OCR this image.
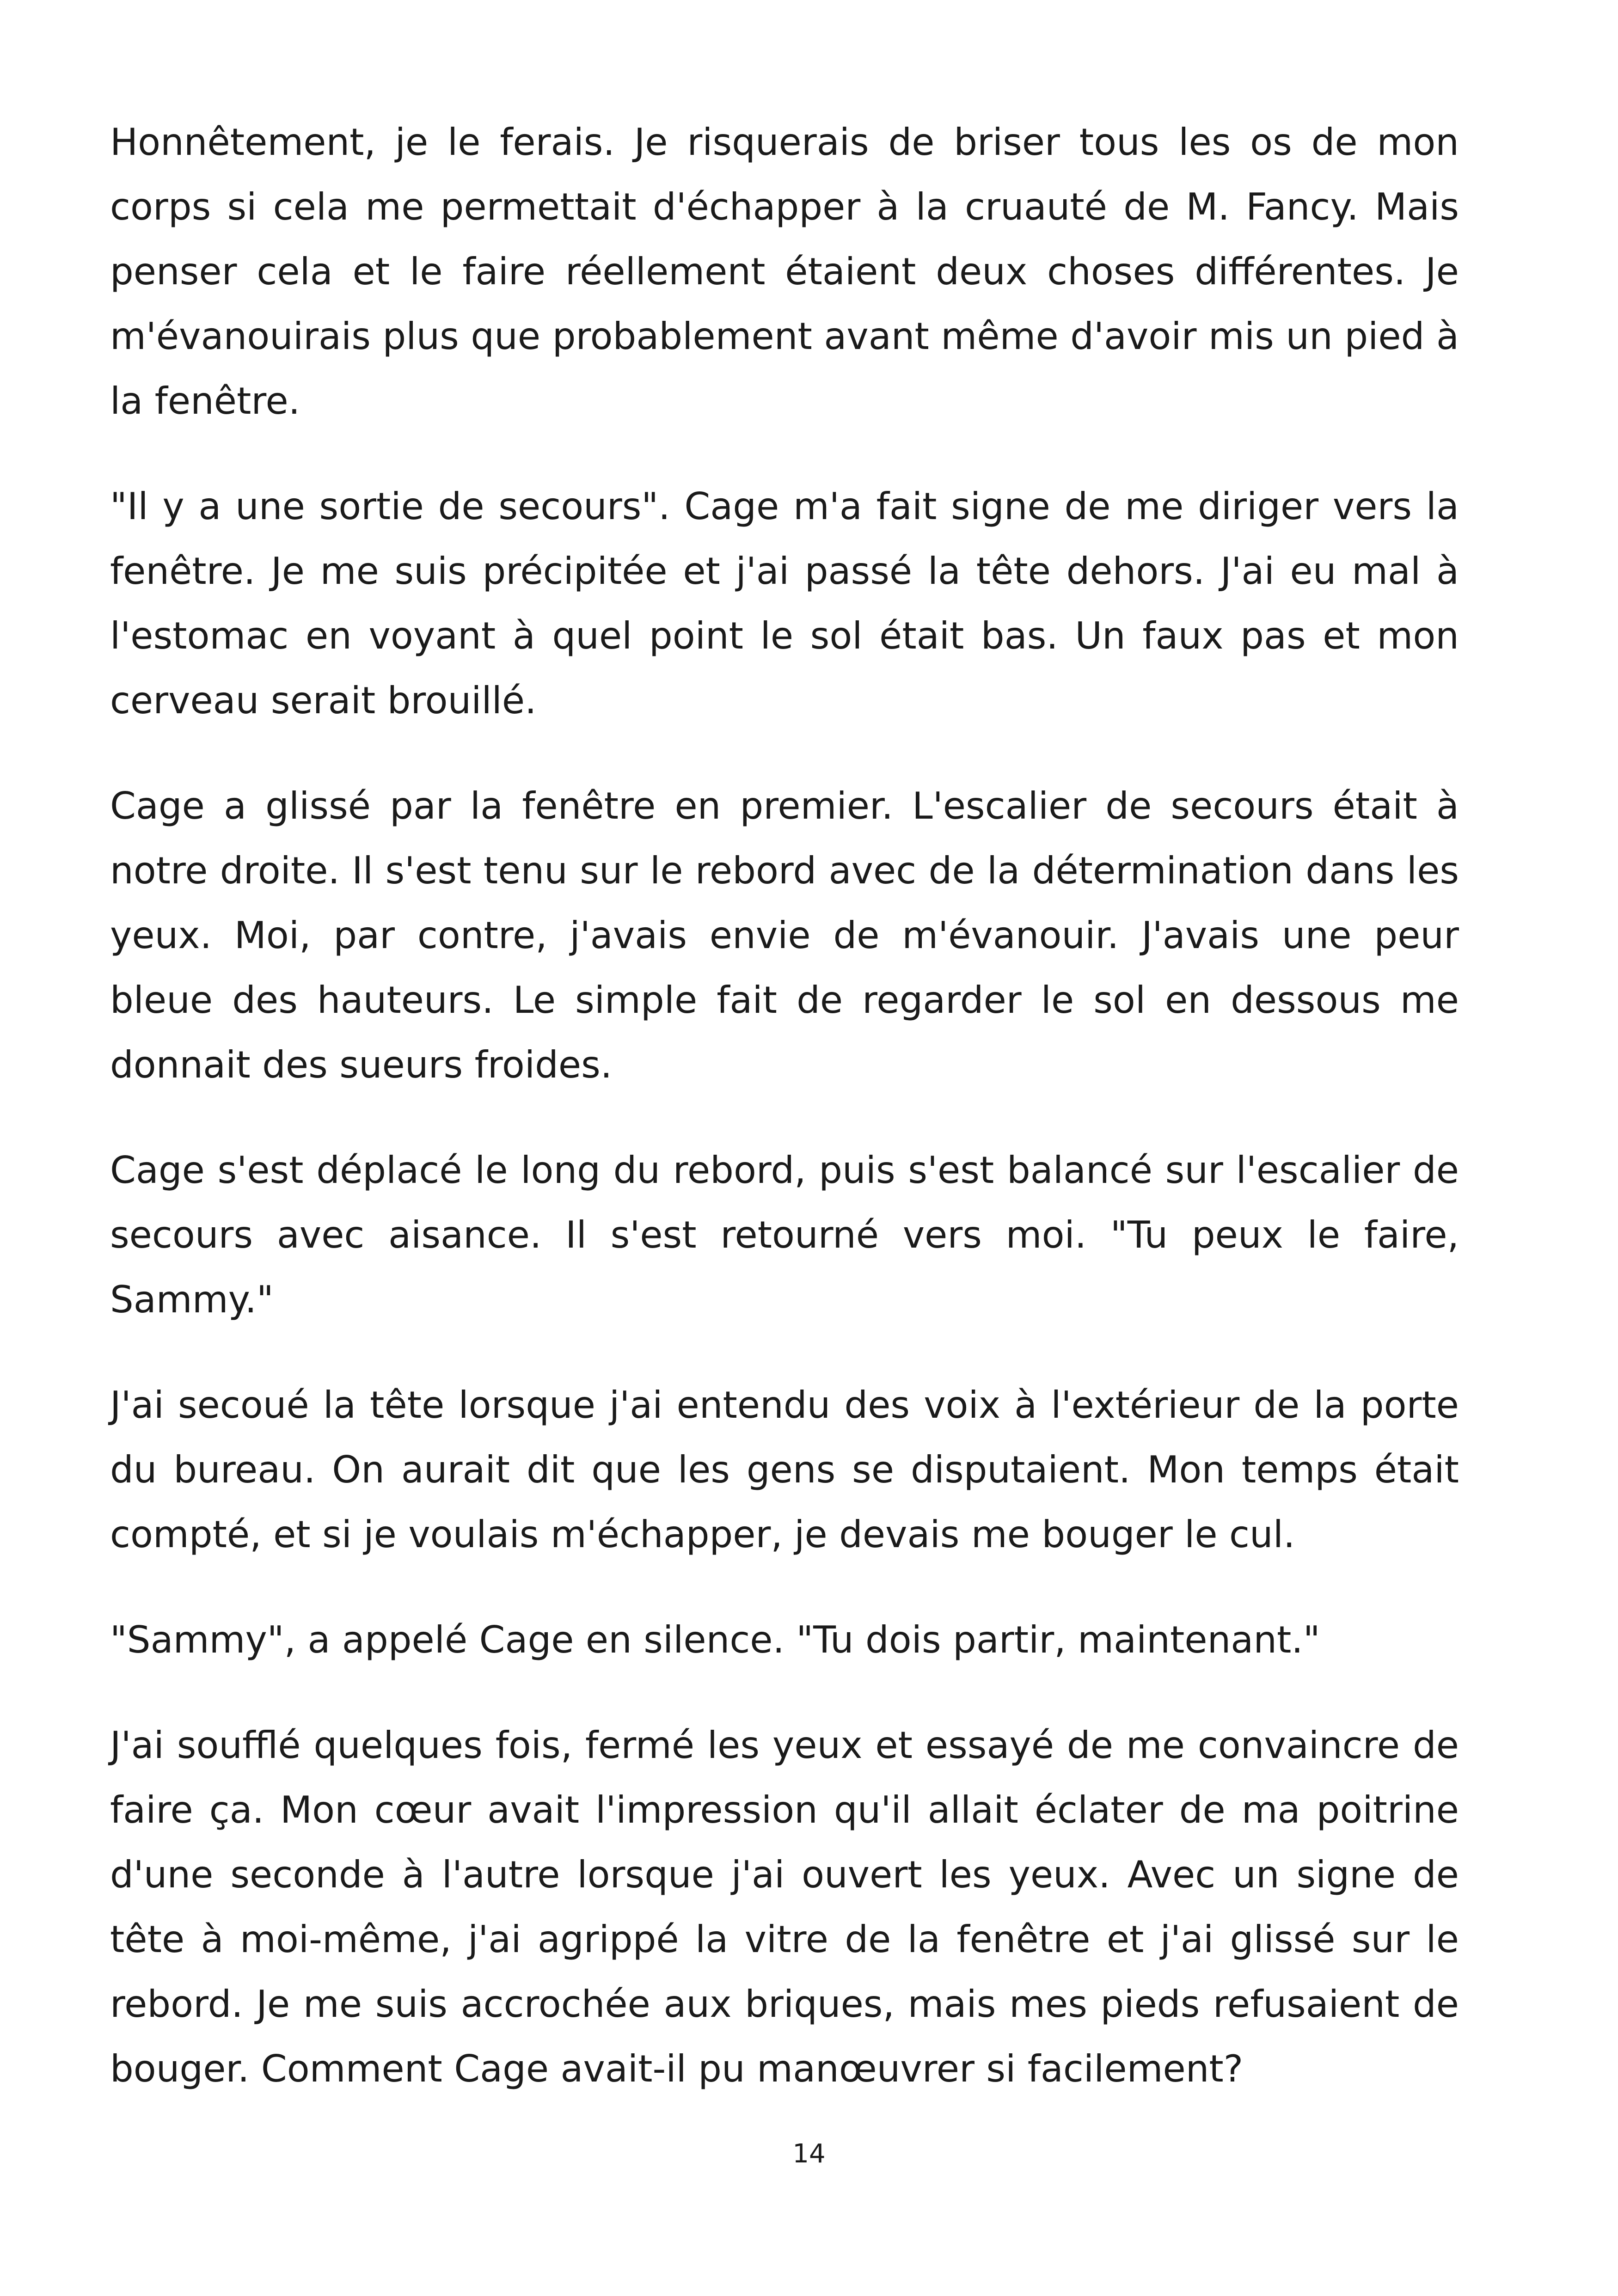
Honnêtement, je le ferais. Je risquerais de briser tous les os de mon corps si cela me permettait d'échapper à la cruauté de M. Fancy. Mais penser cela et le faire réellement étaient deux choses différentes. Je m'évanouirais plus que probablement avant même d'avoir mis un pied à la fenêtre.

"Il y a une sortie de secours". Cage m'a fait signe de me diriger vers la fenêtre. Je me suis précipitée et j'ai passé la tête dehors. J'ai eu mal à l'estomac en voyant à quel point le sol était bas. Un faux pas et mon cerveau serait brouillé.

Cage a glissé par la fenêtre en premier. L'escalier de secours était à notre droite. Il s'est tenu sur le rebord avec de la détermination dans les yeux. Moi, par contre, j'avais envie de m'évanouir. J'avais une peur bleue des hauteurs. Le simple fait de regarder le sol en dessous me donnait des sueurs froides.

Cage s'est déplacé le long du rebord, puis s'est balancé sur l'escalier de secours avec aisance. Il s'est retourné vers moi. "Tu peux le faire, Sammy."

J'ai secoué la tête lorsque j'ai entendu des voix à l'extérieur de la porte du bureau. On aurait dit que les gens se disputaient. Mon temps était compté, et si je voulais m'échapper, je devais me bouger le cul.

"Sammy", a appelé Cage en silence. "Tu dois partir, maintenant."

J'ai soufflé quelques fois, fermé les yeux et essayé de me convaincre de faire ça. Mon cœur avait l'impression qu'il allait éclater de ma poitrine d'une seconde à l'autre lorsque j'ai ouvert les yeux. Avec un signe de tête à moi-même, j'ai agrippé la vitre de la fenêtre et j'ai glissé sur le rebord. Je me suis accrochée aux briques, mais mes pieds refusaient de bouger. Comment Cage avait-il pu manœuvrer si facilement?

14
